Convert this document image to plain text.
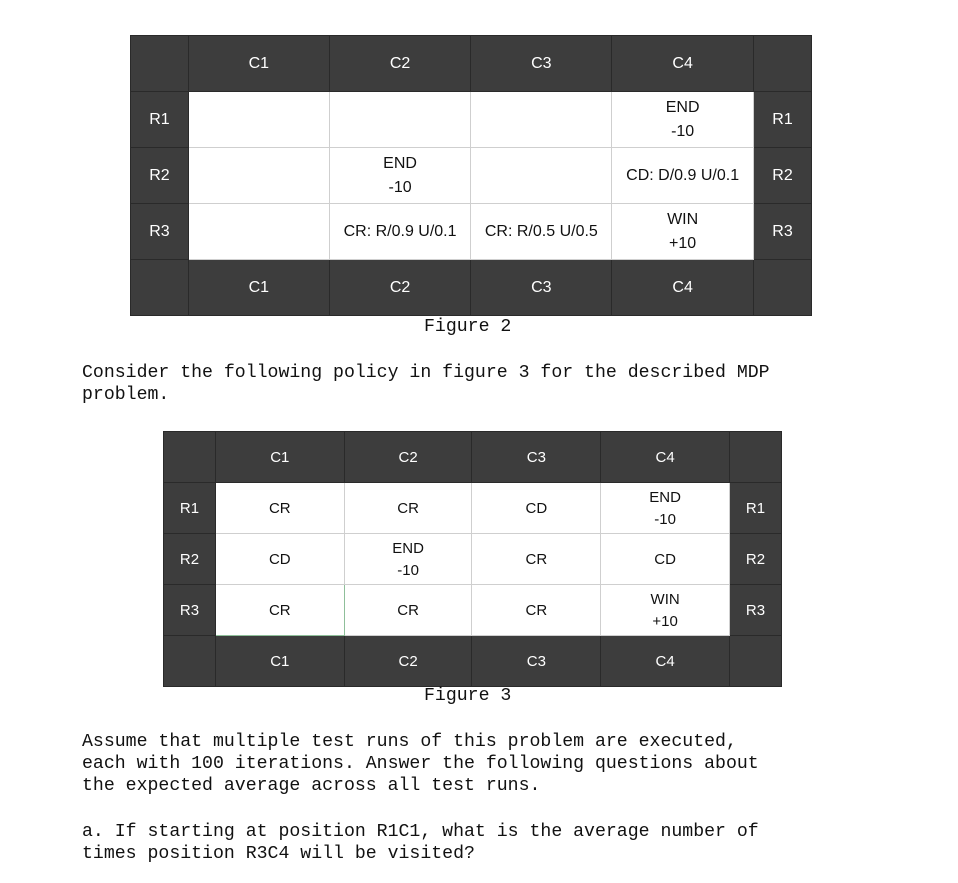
	C1	C2	C3	C4	
R1				END
-10	R1
R2		END
-10		CD: D/0.9 U/0.1	R2
R3		CR: R/0.9 U/0.1	CR: R/0.5 U/0.5	WIN
+10	R3
	C1	C2	C3	C4	

Figure 2

Consider the following policy in figure 3 for the described MDP
problem.

	C1	C2	C3	C4	
R1	CR	CR	CD	END
-10	R1
R2	CD	END
-10	CR	CD	R2
R3	CR	CR	CR	WIN
+10	R3
	C1	C2	C3	C4	

Figure 3

Assume that multiple test runs of this problem are executed,
each with 100 iterations. Answer the following questions about
the expected average across all test runs.

a. If starting at position R1C1, what is the average number of
times position R3C4 will be visited?
